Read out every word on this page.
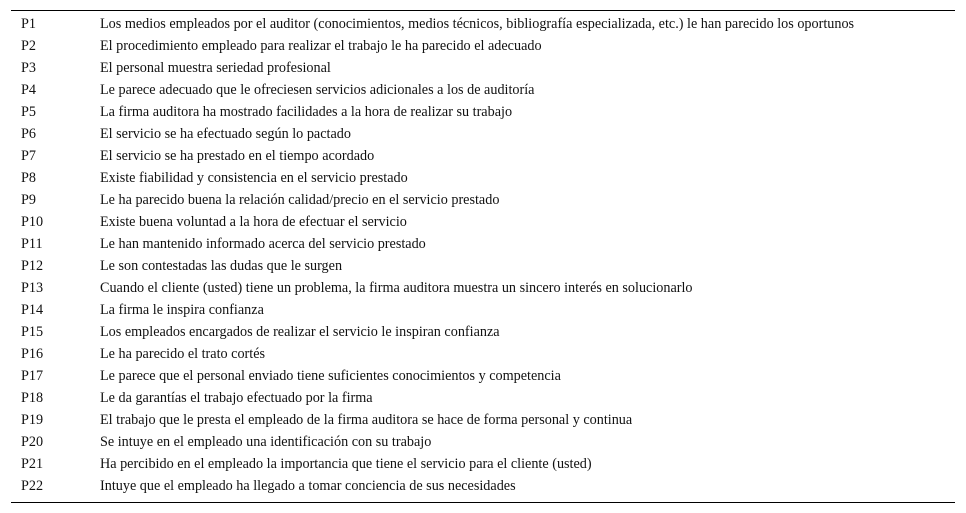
P1	Los medios empleados por el auditor (conocimientos, medios técnicos, bibliografía especializada, etc.) le han parecido los oportunos
P2	El procedimiento empleado para realizar el trabajo le ha parecido el adecuado
P3	El personal muestra seriedad profesional
P4	Le parece adecuado que le ofreciesen servicios adicionales a los de auditoría
P5	La firma auditora ha mostrado facilidades a la hora de realizar su trabajo
P6	El servicio se ha efectuado según lo pactado
P7	El servicio se ha prestado en el tiempo acordado
P8	Existe fiabilidad y consistencia en el servicio prestado
P9	Le ha parecido buena la relación calidad/precio en el servicio prestado
P10	Existe buena voluntad a la hora de efectuar el servicio
P11	Le han mantenido informado acerca del servicio prestado
P12	Le son contestadas las dudas que le surgen
P13	Cuando el cliente (usted) tiene un problema, la firma auditora muestra un sincero interés en solucionarlo
P14	La firma le inspira confianza
P15	Los empleados encargados de realizar el servicio le inspiran confianza
P16	Le ha parecido el trato cortés
P17	Le parece que el personal enviado tiene suficientes conocimientos y competencia
P18	Le da garantías el trabajo efectuado por la firma
P19	El trabajo que le presta el empleado de la firma auditora se hace de forma personal y continua
P20	Se intuye en el empleado una identificación con su trabajo
P21	Ha percibido en el empleado la importancia que tiene el servicio para el cliente (usted)
P22	Intuye que el empleado ha llegado a tomar conciencia de sus necesidades
